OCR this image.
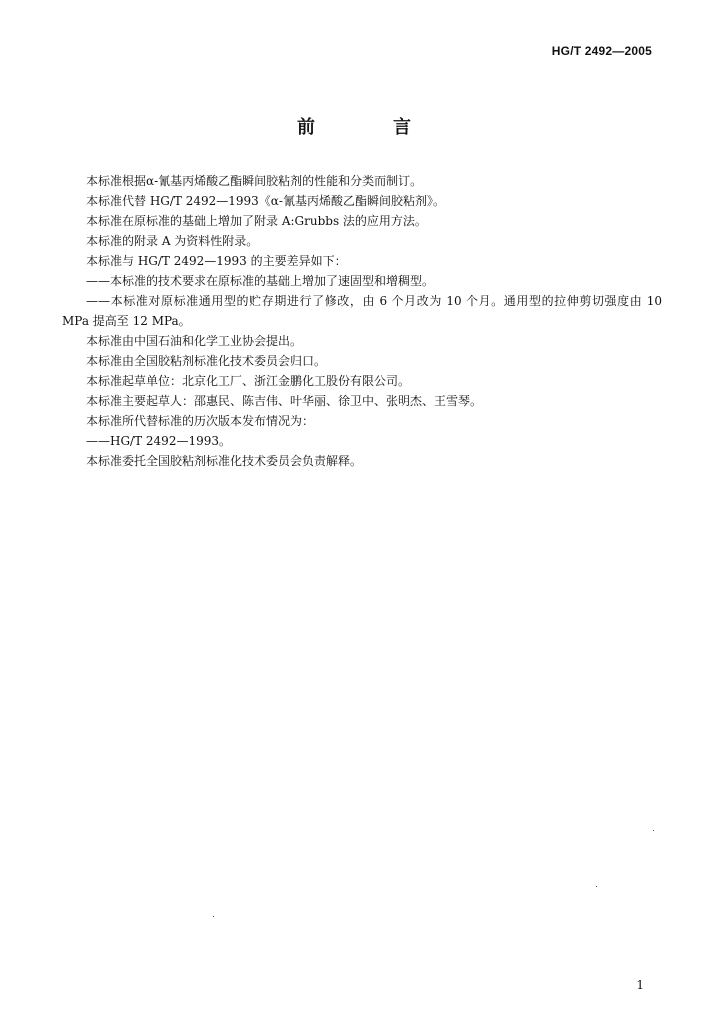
HG/T 2492—2005
前　言

本标准根据α-氰基丙烯酸乙酯瞬间胶粘剂的性能和分类而制订。

本标准代替 HG/T 2492—1993《α-氰基丙烯酸乙酯瞬间胶粘剂》。

本标准在原标准的基础上增加了附录 A:Grubbs 法的应用方法。

本标准的附录 A 为资料性附录。

本标准与 HG/T 2492—1993 的主要差异如下：

——本标准的技术要求在原标准的基础上增加了速固型和增稠型。

——本标准对原标准通用型的贮存期进行了修改，由 6 个月改为 10 个月。通用型的拉伸剪切强度由 10 MPa 提高至 12 MPa。

本标准由中国石油和化学工业协会提出。

本标准由全国胶粘剂标准化技术委员会归口。

本标准起草单位：北京化工厂、浙江金鹏化工股份有限公司。

本标准主要起草人：邵惠民、陈吉伟、叶华丽、徐卫中、张明杰、王雪琴。

本标准所代替标准的历次版本发布情况为：

——HG/T 2492—1993。

本标准委托全国胶粘剂标准化技术委员会负责解释。

1
